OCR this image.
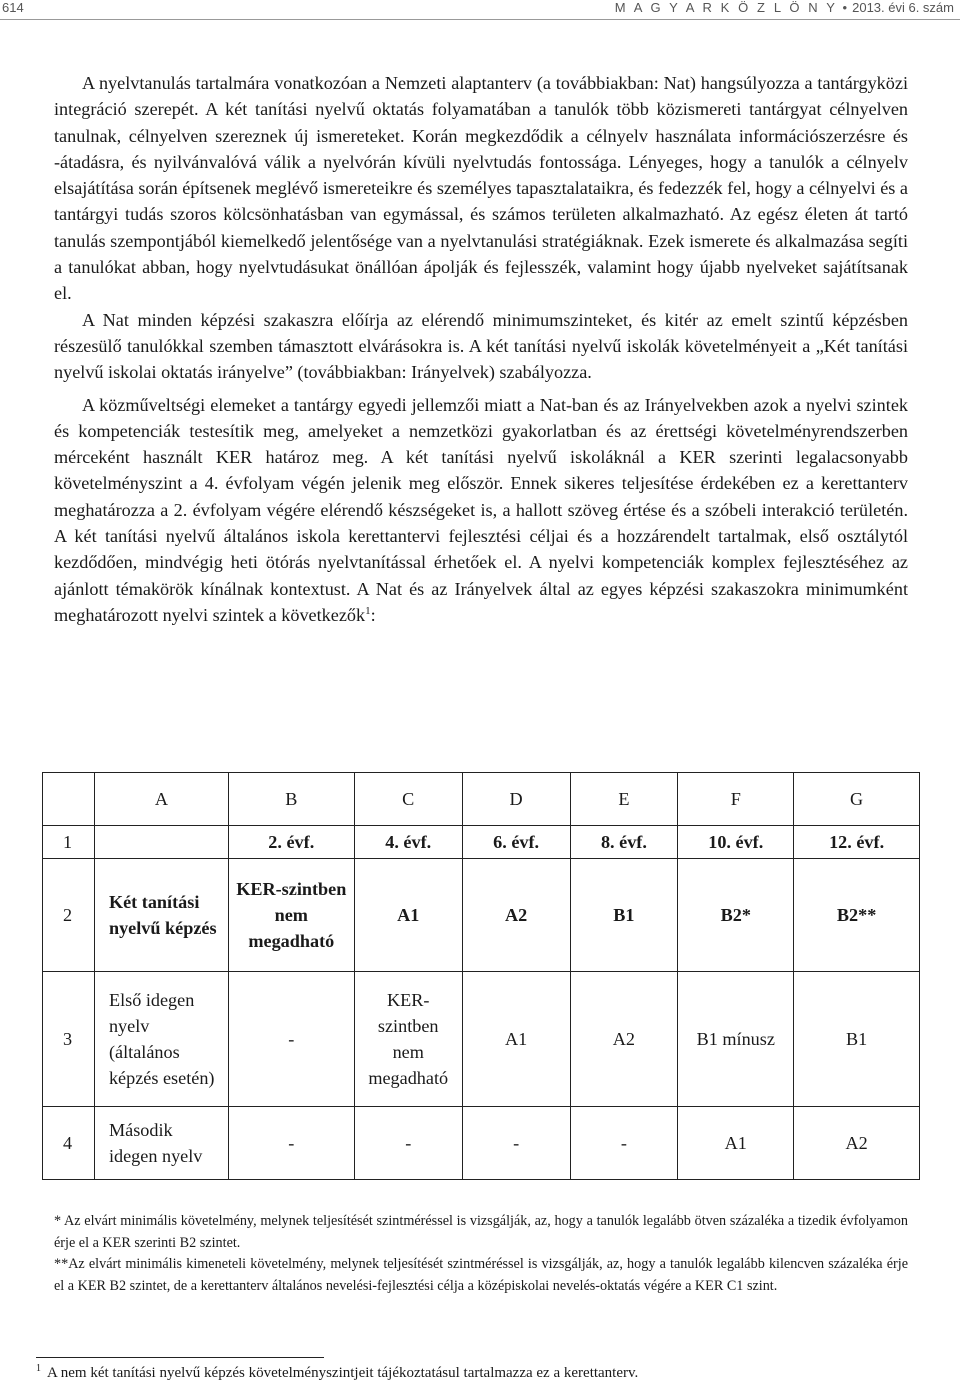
614	M A G Y A R K Ö Z L Ö N Y • 2013. évi 6. szám

A nyelvtanulás tartalmára vonatkozóan a Nemzeti alaptanterv (a továbbiakban: Nat) hangsúlyozza a tantárgyközi integráció szerepét. A két tanítási nyelvű oktatás folyamatában a tanulók több közismereti tantárgyat célnyelven tanulnak, célnyelven szereznek új ismereteket. Korán megkezdődik a célnyelv használata információszerzésre és -átadásra, és nyilvánvalóvá válik a nyelvórán kívüli nyelvtudás fontossága. Lényeges, hogy a tanulók a célnyelv elsajátítása során építsenek meglévő ismereteikre és személyes tapasztalataikra, és fedezzék fel, hogy a célnyelvi és a tantárgyi tudás szoros kölcsönhatásban van egymással, és számos területen alkalmazható. Az egész életen át tartó tanulás szempontjából kiemelkedő jelentősége van a nyelvtanulási stratégiáknak. Ezek ismerete és alkalmazása segíti a tanulókat abban, hogy nyelvtudásukat önállóan ápolják és fejlesszék, valamint hogy újabb nyelveket sajátítsanak el.

A Nat minden képzési szakaszra előírja az elérendő minimumszinteket, és kitér az emelt szintű képzésben részesülő tanulókkal szemben támasztott elvárásokra is. A két tanítási nyelvű iskolák követelményeit a „Két tanítási nyelvű iskolai oktatás irányelve” (továbbiakban: Irányelvek) szabályozza.

A közműveltségi elemeket a tantárgy egyedi jellemzői miatt a Nat-ban és az Irányelvekben azok a nyelvi szintek és kompetenciák testesítik meg, amelyeket a nemzetközi gyakorlatban és az érettségi követelményrendszerben mérceként használt KER határoz meg. A két tanítási nyelvű iskoláknál a KER szerinti legalacsonyabb követelményszint a 4. évfolyam végén jelenik meg először. Ennek sikeres teljesítése érdekében ez a kerettanterv meghatározza a 2. évfolyam végére elérendő készségeket is, a hallott szöveg értése és a szóbeli interakció területén. A két tanítási nyelvű általános iskola kerettantervi fejlesztési céljai és a hozzárendelt tartalmak, első osztálytól kezdődően, mindvégig heti ötórás nyelvtanítással érhetőek el. A nyelvi kompetenciák komplex fejlesztéséhez az ajánlott témakörök kínálnak kontextust. A Nat és az Irányelvek által az egyes képzési szakaszokra minimumként meghatározott nyelvi szintek a következők$^1$:

	A	B	C	D	E	F	G
1		2. évf.	4. évf.	6. évf.	8. évf.	10. évf.	12. évf.
2	Két tanítási nyelvű képzés	KER-szintben nem megadható	A1	A2	B1	B2*	B2**
3	Első idegen nyelv (általános képzés esetén)	-	KER-szintben nem megadható	A1	A2	B1 mínusz	B1
4	Második idegen nyelv	-	-	-	-	A1	A2

* Az elvárt minimális követelmény, melynek teljesítését szintméréssel is vizsgálják, az, hogy a tanulók legalább ötven százaléka a tizedik évfolyamon érje el a KER szerinti B2 szintet.

**Az elvárt minimális kimeneteli követelmény, melynek teljesítését szintméréssel is vizsgálják, az, hogy a tanulók legalább kilencven százaléka érje el a KER B2 szintet, de a kerettanterv általános nevelési-fejlesztési célja a középiskolai nevelés-oktatás végére a KER C1 szint.

$^1$ A nem két tanítási nyelvű képzés követelményszintjeit tájékoztatásul tartalmazza ez a kerettanterv.
